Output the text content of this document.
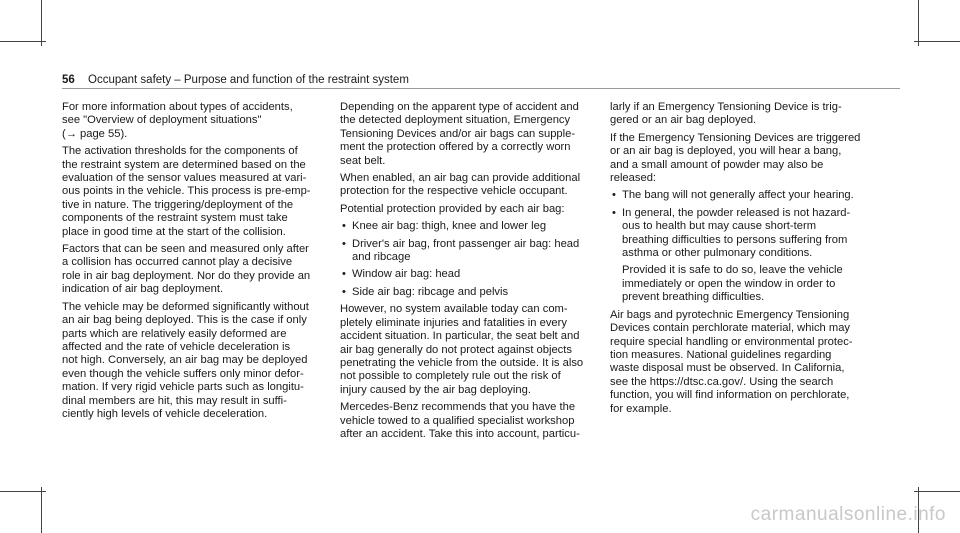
56 Occupant safety – Purpose and function of the restraint system

For more information about types of accidents,

see "Overview of deployment situations"

(→ page 55).

The activation thresholds for the components of

the restraint system are determined based on the

evaluation of the sensor values measured at vari-

ous points in the vehicle. This process is pre-emp-

tive in nature. The triggering/deployment of the

components of the restraint system must take

place in good time at the start of the collision.

Factors that can be seen and measured only after

a collision has occurred cannot play a decisive

role in air bag deployment. Nor do they provide an

indication of air bag deployment.

The vehicle may be deformed significantly without

an air bag being deployed. This is the case if only

parts which are relatively easily deformed are

affected and the rate of vehicle deceleration is

not high. Conversely, an air bag may be deployed

even though the vehicle suffers only minor defor-

mation. If very rigid vehicle parts such as longitu-

dinal members are hit, this may result in suffi-

ciently high levels of vehicle deceleration.

Depending on the apparent type of accident and

the detected deployment situation, Emergency

Tensioning Devices and/or air bags can supple-

ment the protection offered by a correctly worn

seat belt.

When enabled, an air bag can provide additional

protection for the respective vehicle occupant.

Potential protection provided by each air bag:

• Knee air bag: thigh, knee and lower leg

• Driver's air bag, front passenger air bag: head

and ribcage

• Window air bag: head

• Side air bag: ribcage and pelvis

However, no system available today can com-

pletely eliminate injuries and fatalities in every

accident situation. In particular, the seat belt and

air bag generally do not protect against objects

penetrating the vehicle from the outside. It is also

not possible to completely rule out the risk of

injury caused by the air bag deploying.

Mercedes-Benz recommends that you have the

vehicle towed to a qualified specialist workshop

after an accident. Take this into account, particu-

larly if an Emergency Tensioning Device is trig-

gered or an air bag deployed.

If the Emergency Tensioning Devices are triggered

or an air bag is deployed, you will hear a bang,

and a small amount of powder may also be

released:

• The bang will not generally affect your hearing.

• In general, the powder released is not hazard-

ous to health but may cause short-term

breathing difficulties to persons suffering from

asthma or other pulmonary conditions.

Provided it is safe to do so, leave the vehicle

immediately or open the window in order to

prevent breathing difficulties.

Air bags and pyrotechnic Emergency Tensioning

Devices contain perchlorate material, which may

require special handling or environmental protec-

tion measures. National guidelines regarding

waste disposal must be observed. In California,

see the https://dtsc.ca.gov/. Using the search

function, you will find information on perchlorate,

for example.

carmanualsonline.info
